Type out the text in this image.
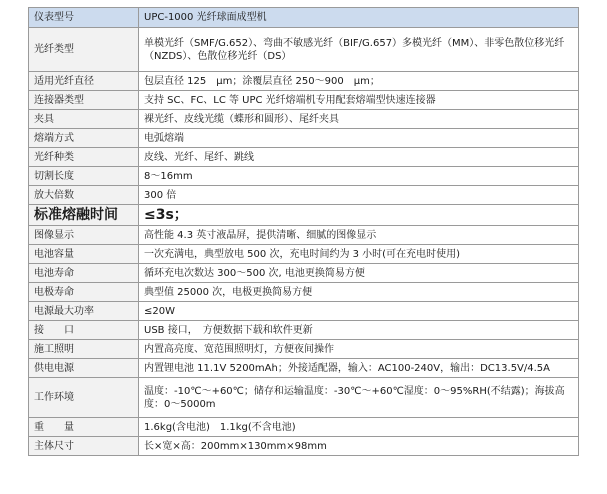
仪表型号	UPC-1000 光纤球面成型机
光纤类型	单模光纤（SMF/G.652）、弯曲不敏感光纤（BIF/G.657）多模光纤（MM）、非零色散位移光纤（NZDS）、色散位移光纤（DS）
适用光纤直径	包层直径 125　μm；涂覆层直径 250～900　μm；
连接器类型	支持 SC、FC、LC 等 UPC 光纤熔端机专用配套熔端型快速连接器
夹具	裸光纤、皮线光缆（蝶形和圆形）、尾纤夹具
熔端方式	电弧熔端
光纤种类	皮线、光纤、尾纤、跳线
切割长度	8～16mm
放大倍数	300 倍
标准熔融时间	≤3s；
图像显示	高性能 4.3 英寸液晶屏，提供清晰、细腻的图像显示
电池容量	一次充满电，典型放电 500 次，充电时间约为 3 小时(可在充电时使用)
电池寿命	循环充电次数达 300～500 次, 电池更换简易方便
电极寿命	典型值 25000 次，电极更换简易方便
电源最大功率	≤20W
接　　口	USB 接口，　方便数据下载和软件更新
施工照明	内置高亮度、宽范围照明灯，方便夜间操作
供电电源	内置锂电池 11.1V 5200mAh；外接适配器，输入：AC100-240V，输出：DC13.5V/4.5A
工作环境	温度：-10℃～+60℃；储存和运输温度：-30℃～+60℃湿度：0～95%RH(不结露)；海拔高度：0～5000m
重　　量	1.6kg(含电池)　1.1kg(不含电池)
主体尺寸	长×宽×高：200mm×130mm×98mm
